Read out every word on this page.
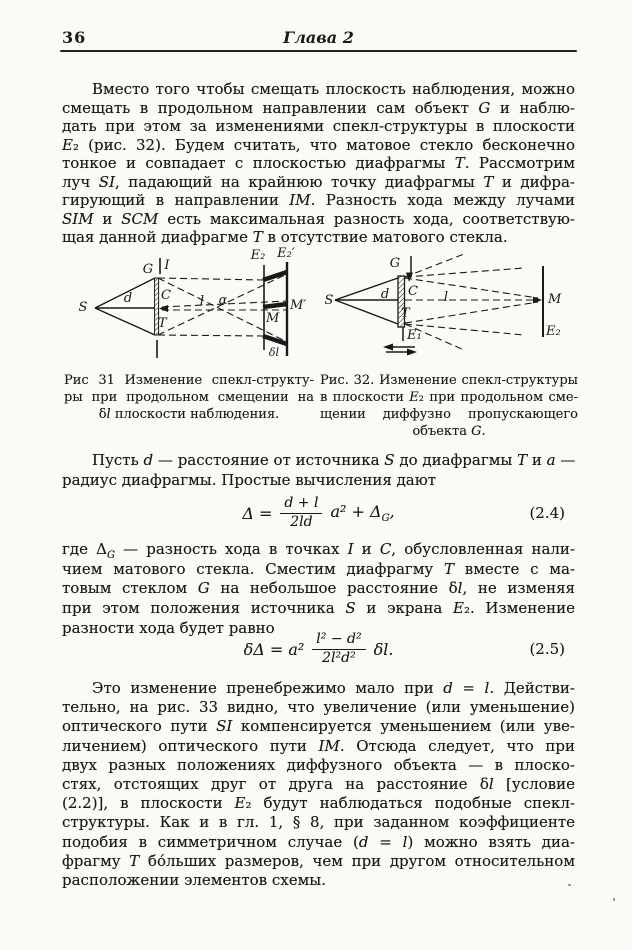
36	Глава 2
Вместо того чтобы смещать плоскость наблюдения, можно
смещать в продольном направлении сам объект G и наблю-
дать при этом за изменениями спекл-структуры в плоскости
E₂ (рис. 32). Будем считать, что матовое стекло бесконечно
тонкое и совпадает с плоскостью диафрагмы T. Рассмотрим
луч SI, падающий на крайнюю точку диафрагмы T и дифра-
гирующий в направлении IM. Разность хода между лучами
SIM и SCM есть максимальная разность хода, соответствую-
щая данной диафрагме T в отсутствие матового стекла.
S
G I
C
T
d	l α
E₂ E₂′
M
M′
δl
S
G
C
T
d	l
E₁
M
E₂
Рис 31 Изменение спекл-структу-
ры при продольном смещении на
δl плоскости наблюдения.
Рис. 32. Изменение спекл-структуры
в плоскости E₂ при продольном сме-
щении диффузно пропускающего
объекта G.
Пусть d — расстояние от источника S до диафрагмы T и a —
радиус диафрагмы. Простые вычисления дают
$\Delta = \frac{d + l}{2ld} a^2 + \Delta_G$,	(2.4)
где $\Delta_G$ — разность хода в точках I и C, обусловленная нали-
чием матового стекла. Сместим диафрагму T вместе с ма-
товым стеклом G на небольшое расстояние δl, не изменяя
при этом положения источника S и экрана E₂. Изменение
разности хода будет равно
$\delta\Delta = a^2 \frac{\text{l² − d²}}{\text{2l²d²}} \delta l$.	(2.5)
Это изменение пренебрежимо мало при d = l. Действи-
тельно, на рис. 33 видно, что увеличение (или уменьшение)
оптического пути SI компенсируется уменьшением (или уве-
личением) оптического пути IM. Отсюда следует, что при
двух разных положениях диффузного объекта — в плоско-
стях, отстоящих друг от друга на расстояние δl [условие
(2.2)], в плоскости E₂ будут наблюдаться подобные спекл-
структуры. Как и в гл. 1, § 8, при заданном коэффициенте
подобия в симметричном случае (d = l) можно взять диа-
фрагму T бо́льших размеров, чем при другом относительном
расположении элементов схемы.
